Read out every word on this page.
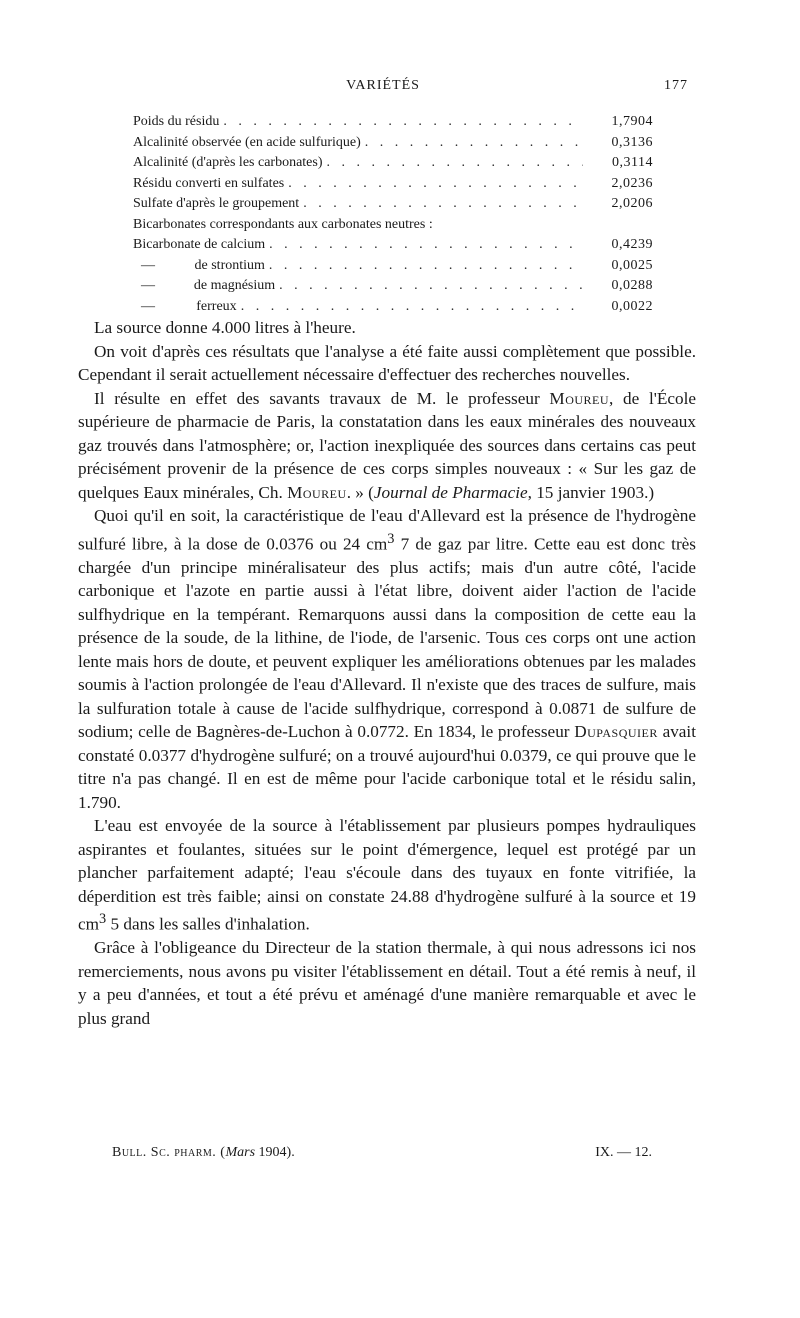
VARIÉTÉS	177
Poids du résidu . . .	1,7904
Alcalinité observée (en acide sulfurique) . . .	0,3136
Alcalinité (d'après les carbonates) . . .	0,3114
Résidu converti en sulfates . . .	2,0236
Sulfate d'après le groupement . . .	2,0206
Bicarbonates correspondants aux carbonates neutres :
Bicarbonate de calcium . . .	0,4239
—	de strontium . . .	0,0025
—	de magnésium . . .	0,0288
—	ferreux . . .	0,0022

La source donne 4.000 litres à l'heure.

On voit d'après ces résultats que l'analyse a été faite aussi complètement que possible. Cependant il serait actuellement nécessaire d'effectuer des recherches nouvelles.

Il résulte en effet des savants travaux de M. le professeur Moureu, de l'École supérieure de pharmacie de Paris, la constatation dans les eaux minérales des nouveaux gaz trouvés dans l'atmosphère; or, l'action inexpliquée des sources dans certains cas peut précisément provenir de la présence de ces corps simples nouveaux : « Sur les gaz de quelques Eaux minérales, Ch. Moureu. » (Journal de Pharmacie, 15 janvier 1903.)

Quoi qu'il en soit, la caractéristique de l'eau d'Allevard est la présence de l'hydrogène sulfuré libre, à la dose de 0.0376 ou 24 $cm^3$ 7 de gaz par litre. Cette eau est donc très chargée d'un principe minéralisateur des plus actifs; mais d'un autre côté, l'acide carbonique et l'azote en partie aussi à l'état libre, doivent aider l'action de l'acide sulfhydrique en la tempérant. Remarquons aussi dans la composition de cette eau la présence de la soude, de la lithine, de l'iode, de l'arsenic. Tous ces corps ont une action lente mais hors de doute, et peuvent expliquer les améliorations obtenues par les malades soumis à l'action prolongée de l'eau d'Allevard. Il n'existe que des traces de sulfure, mais la sulfuration totale à cause de l'acide sulfhydrique, correspond à 0.0871 de sulfure de sodium; celle de Bagnères-de-Luchon à 0.0772. En 1834, le professeur Dupasquier avait constaté 0.0377 d'hydrogène sulfuré; on a trouvé aujourd'hui 0.0379, ce qui prouve que le titre n'a pas changé. Il en est de même pour l'acide carbonique total et le résidu salin, 1.790.

L'eau est envoyée de la source à l'établissement par plusieurs pompes hydrauliques aspirantes et foulantes, situées sur le point d'émergence, lequel est protégé par un plancher parfaitement adapté; l'eau s'écoule dans des tuyaux en fonte vitrifiée, la déperdition est très faible; ainsi on constate 24.88 d'hydrogène sulfuré à la source et 19 $cm^3$ 5 dans les salles d'inhalation.

Grâce à l'obligeance du Directeur de la station thermale, à qui nous adressons ici nos remerciements, nous avons pu visiter l'établissement en détail. Tout a été remis à neuf, il y a peu d'années, et tout a été prévu et aménagé d'une manière remarquable et avec le plus grand

Bull. Sc. pharm. (Mars 1904).	IX. — 12.
